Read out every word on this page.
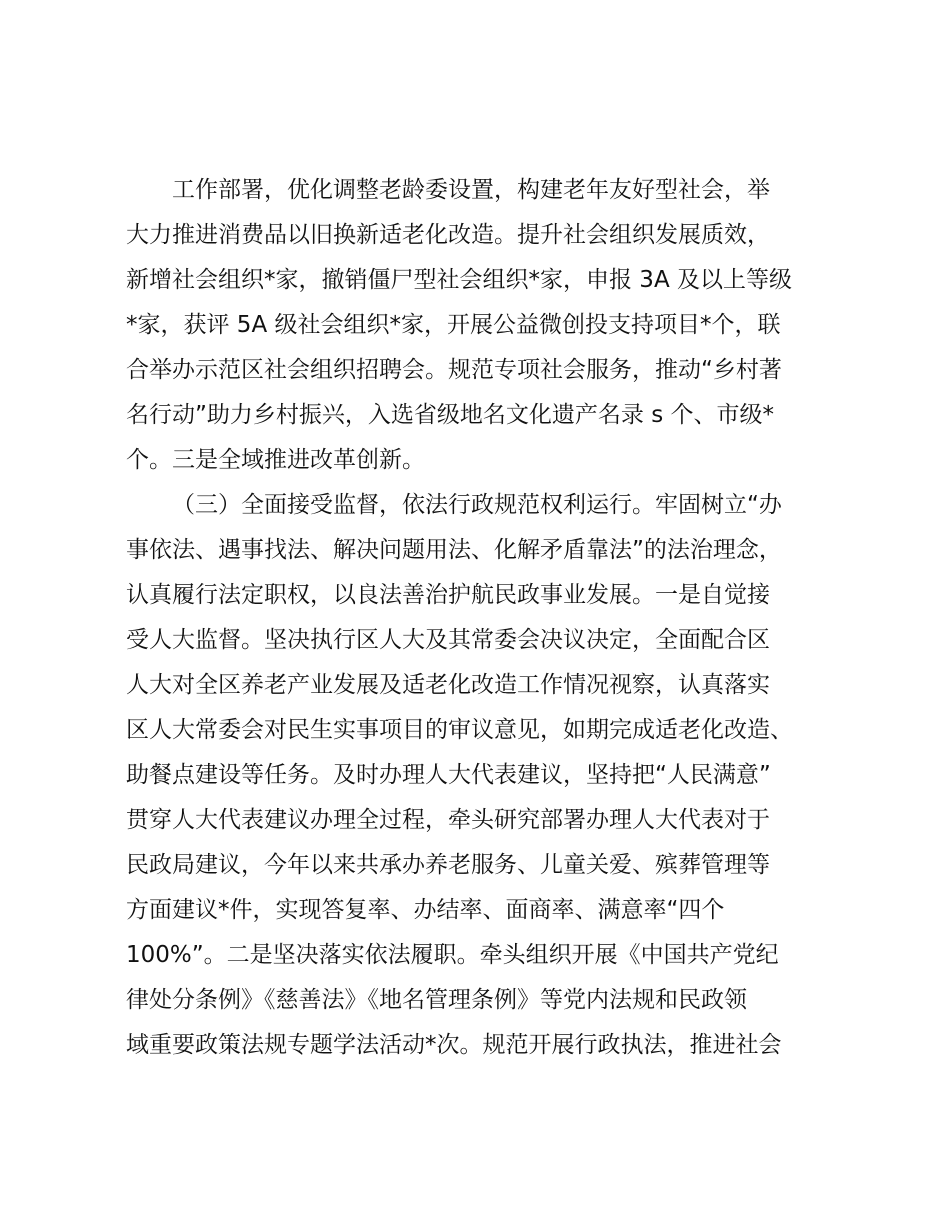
工作部署，优化调整老龄委设置，构建老年友好型社会，举
大力推进消费品以旧换新适老化改造。提升社会组织发展质效，
新增社会组织*家，撤销僵尸型社会组织*家，申报 3A 及以上等级
*家，获评 5A 级社会组织*家，开展公益微创投支持项目*个，联
合举办示范区社会组织招聘会。规范专项社会服务，推动“乡村著
名行动”助力乡村振兴，入选省级地名文化遗产名录 s 个、市级*
个。三是全域推进改革创新。
（三）全面接受监督，依法行政规范权利运行。牢固树立“办
事依法、遇事找法、解决问题用法、化解矛盾靠法”的法治理念，
认真履行法定职权，以良法善治护航民政事业发展。一是自觉接
受人大监督。坚决执行区人大及其常委会决议决定，全面配合区
人大对全区养老产业发展及适老化改造工作情况视察，认真落实
区人大常委会对民生实事项目的审议意见，如期完成适老化改造、
助餐点建设等任务。及时办理人大代表建议，坚持把“人民满意”
贯穿人大代表建议办理全过程，牵头研究部署办理人大代表对于
民政局建议，今年以来共承办养老服务、儿童关爱、殡葬管理等
方面建议*件，实现答复率、办结率、面商率、满意率“四个
100%”。二是坚决落实依法履职。牵头组织开展《中国共产党纪
律处分条例》《慈善法》《地名管理条例》等党内法规和民政领
域重要政策法规专题学法活动*次。规范开展行政执法，推进社会
